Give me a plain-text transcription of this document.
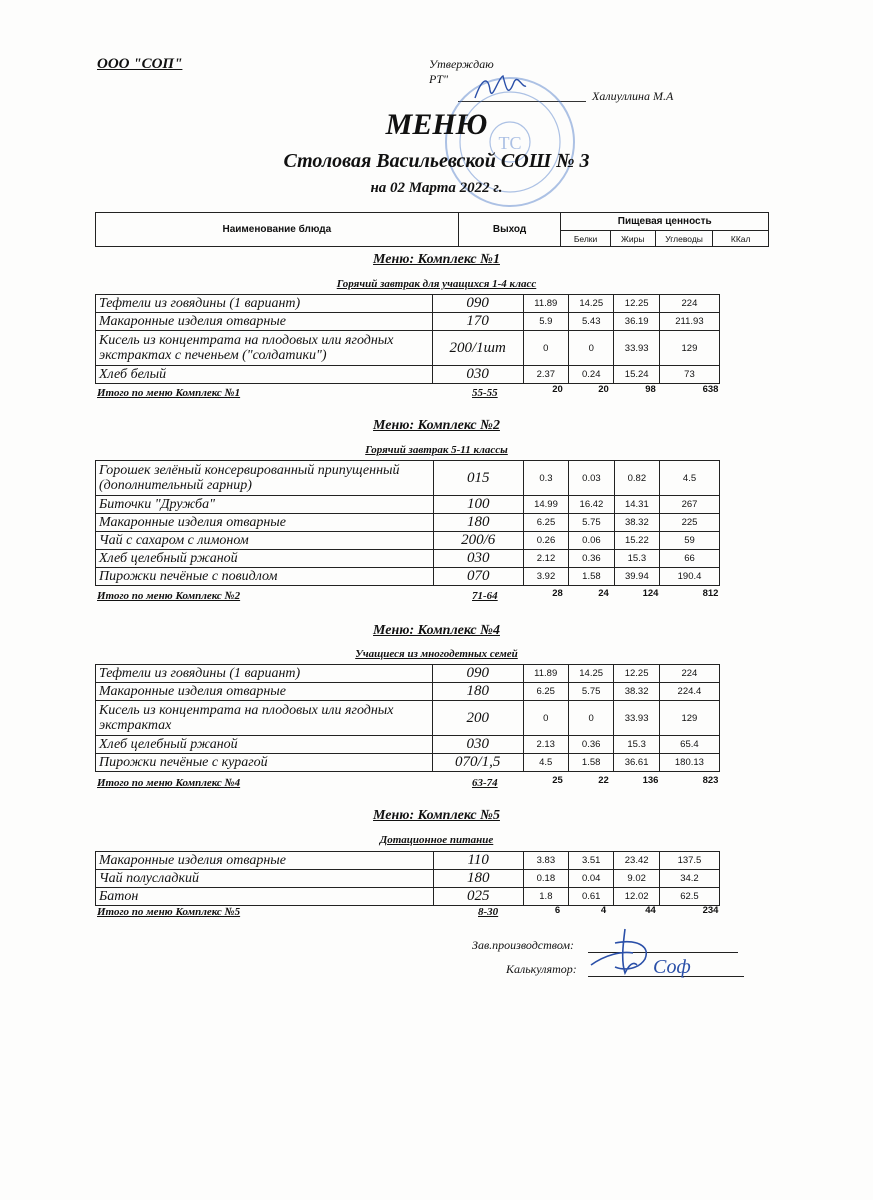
ООО "СОП"	Утверждаю
РТ"
Халиуллина М.А
ТС
МЕНЮ
Столовая Васильевской СОШ № 3
на 02 Марта 2022 г.
Наименование блюда	Выход	Пищевая ценность			
		Белки	Жиры	Углеводы	ККал
Меню: Комплекс №1
Горячий завтрак для учащихся 1-4 класс
Тефтели из говядины (1 вариант)	090	11.89	14.25	12.25	224
Макаронные изделия отварные	170	5.9	5.43	36.19	211.93
Кисель из концентрата на плодовых или ягодных экстрактах с печеньем ("солдатики")	200/1шт	0	0	33.93	129
Хлеб белый	030	2.37	0.24	15.24	73
Итого по меню Комплекс №1	55-55	20	20	98	638
Меню: Комплекс №2
Горячий завтрак 5-11 классы
Горошек зелёный консервированный припущенный (дополнительный гарнир)	015	0.3	0.03	0.82	4.5
Биточки "Дружба"	100	14.99	16.42	14.31	267
Макаронные изделия отварные	180	6.25	5.75	38.32	225
Чай с сахаром с лимоном	200/6	0.26	0.06	15.22	59
Хлеб целебный ржаной	030	2.12	0.36	15.3	66
Пирожки печёные с повидлом	070	3.92	1.58	39.94	190.4
Итого по меню Комплекс №2	71-64	28	24	124	812
Меню: Комплекс №4
Учащиеся из многодетных семей
Тефтели из говядины (1 вариант)	090	11.89	14.25	12.25	224
Макаронные изделия отварные	180	6.25	5.75	38.32	224.4
Кисель из концентрата на плодовых или ягодных экстрактах	200	0	0	33.93	129
Хлеб целебный ржаной	030	2.13	0.36	15.3	65.4
Пирожки печёные с курагой	070/1,5	4.5	1.58	36.61	180.13
Итого по меню Комплекс №4	63-74	25	22	136	823
Меню: Комплекс №5
Дотационное питание
Макаронные изделия отварные	110	3.83	3.51	23.42	137.5
Чай полусладкий	180	0.18	0.04	9.02	34.2
Батон	025	1.8	0.61	12.02	62.5
Итого по меню Комплекс №5	8-30	6	4	44	234
Зав.производством:
Калькулятор:	Соф
